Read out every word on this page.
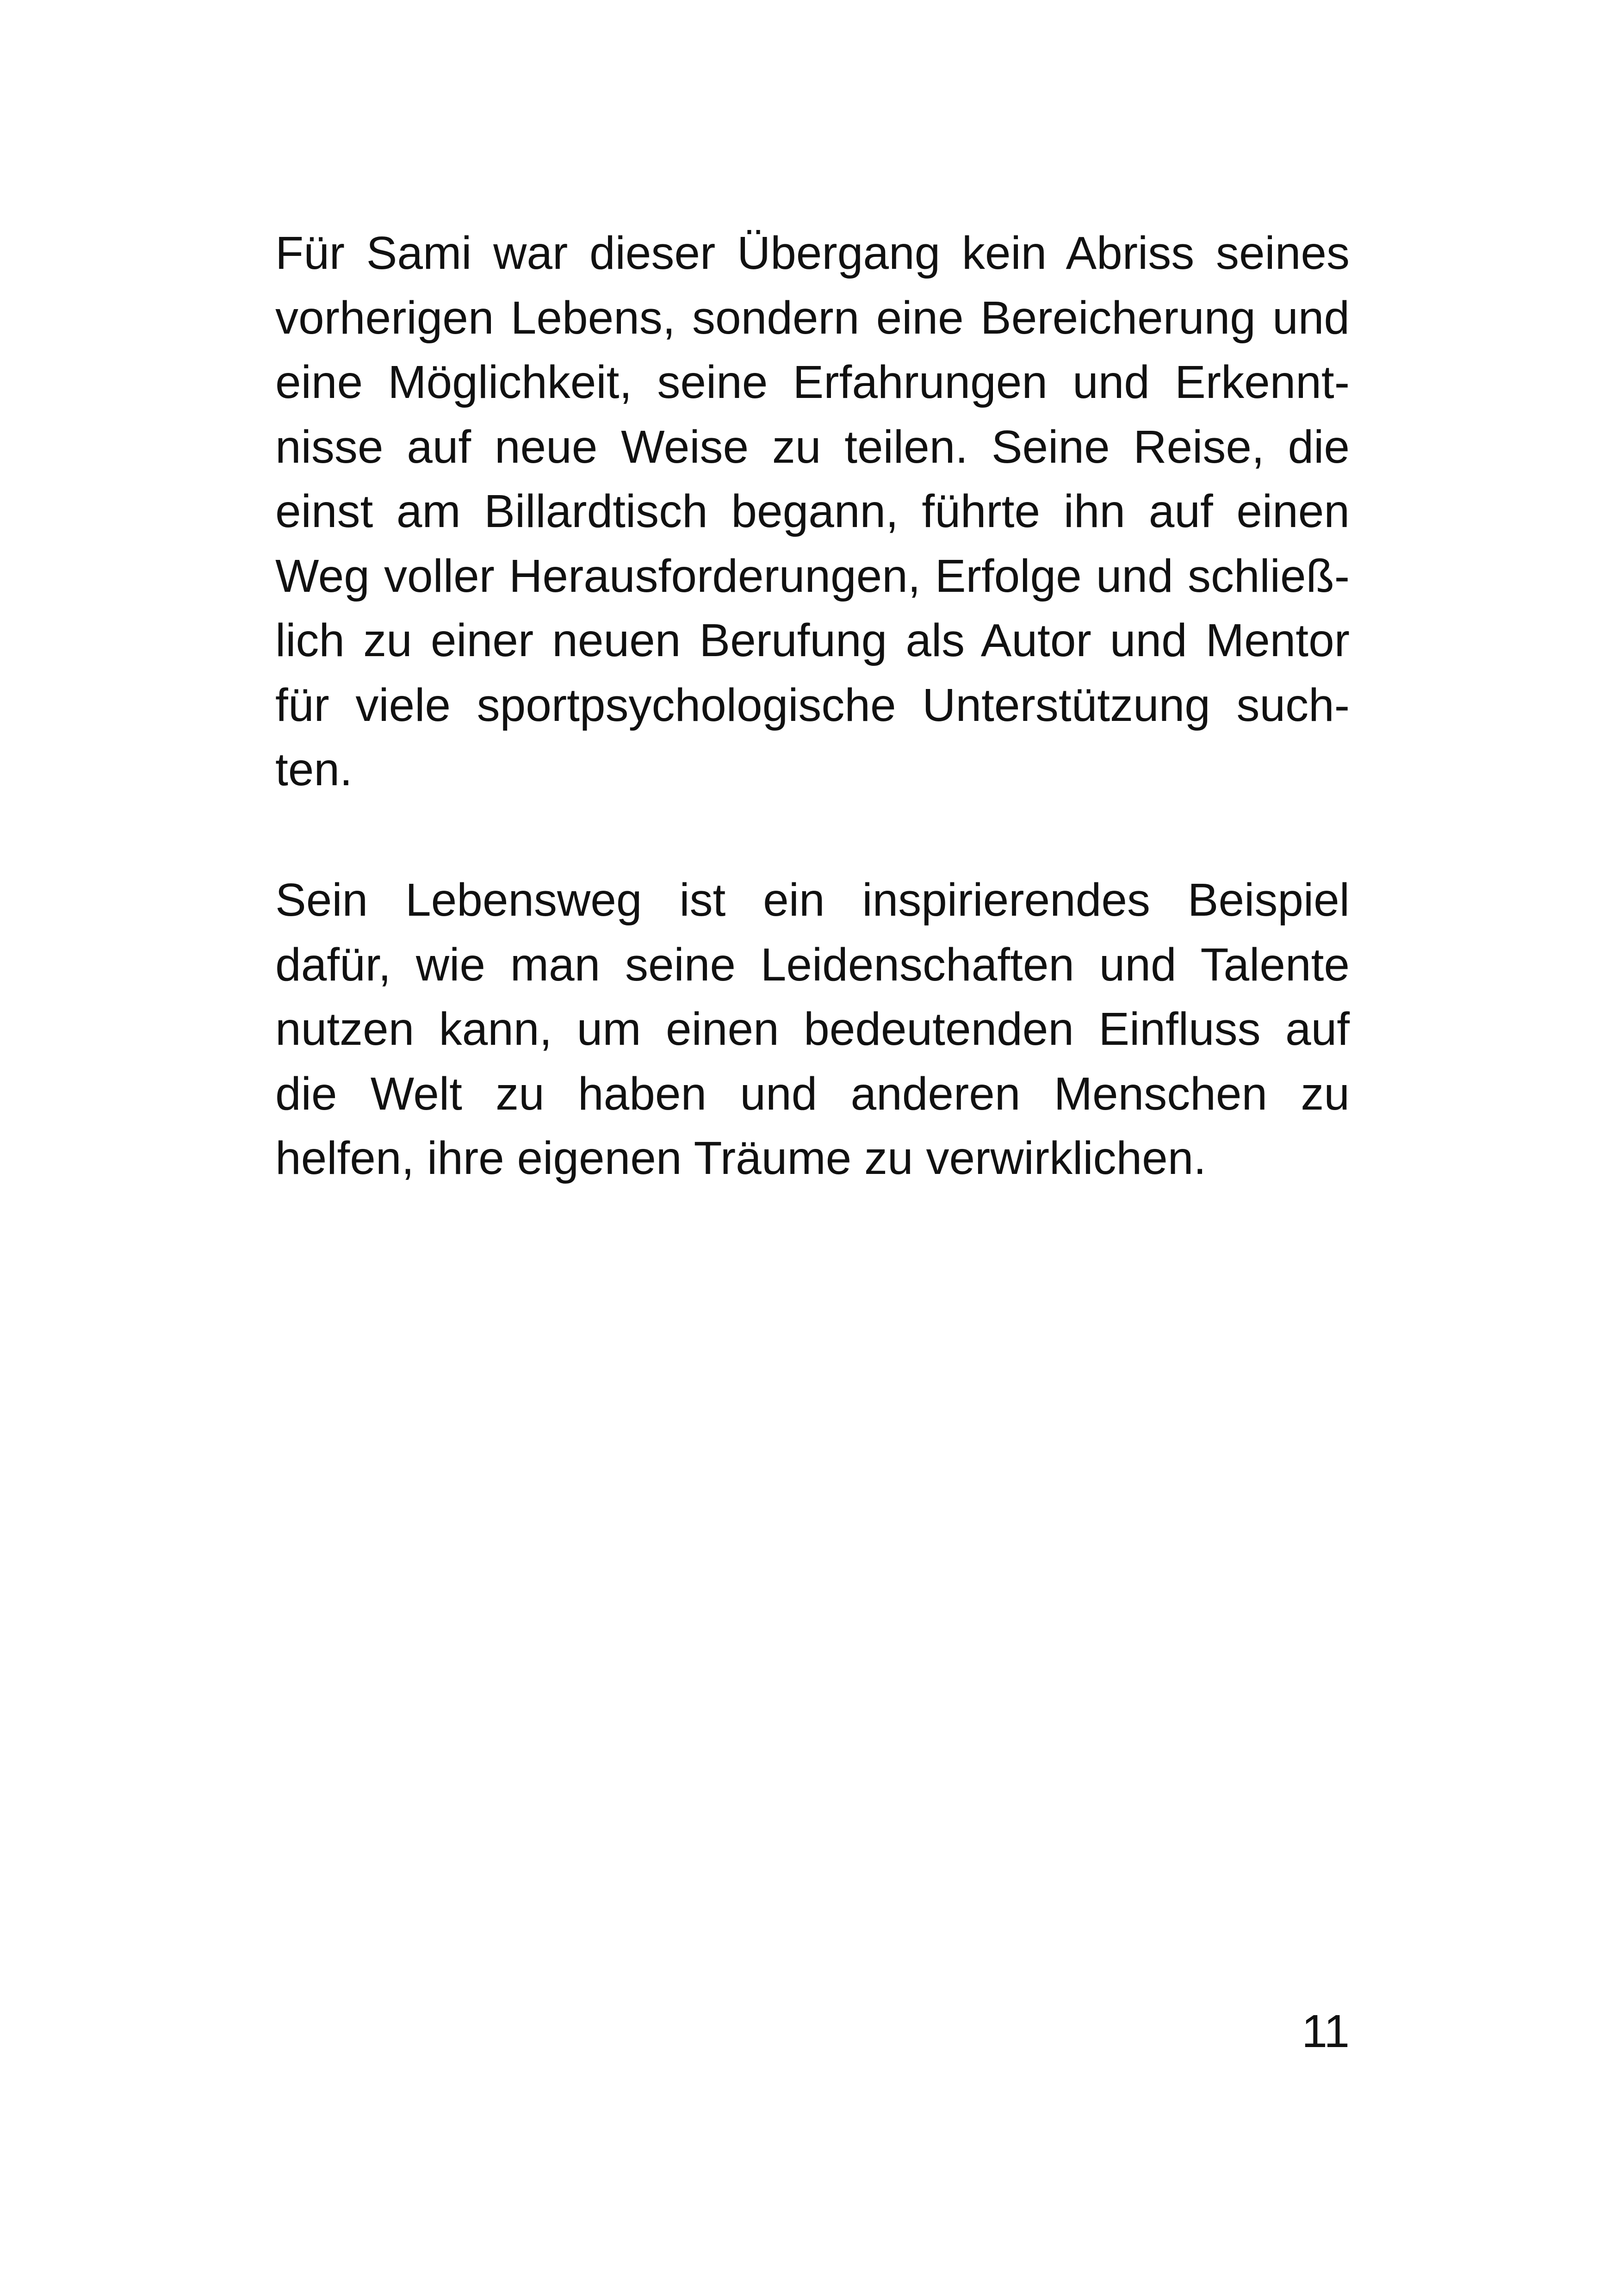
Für Sami war dieser Übergang kein Abriss seines
vorherigen Lebens, sondern eine Bereicherung und
eine Möglichkeit, seine Erfahrungen und Erkennt-
nisse auf neue Weise zu teilen. Seine Reise, die
einst am Billardtisch begann, führte ihn auf einen
Weg voller Herausforderungen, Erfolge und schließ-
lich zu einer neuen Berufung als Autor und Mentor
für viele sportpsychologische Unterstützung such-
ten.
Sein Lebensweg ist ein inspirierendes Beispiel
dafür, wie man seine Leidenschaften und Talente
nutzen kann, um einen bedeutenden Einfluss auf
die Welt zu haben und anderen Menschen zu
helfen, ihre eigenen Träume zu verwirklichen.
11
